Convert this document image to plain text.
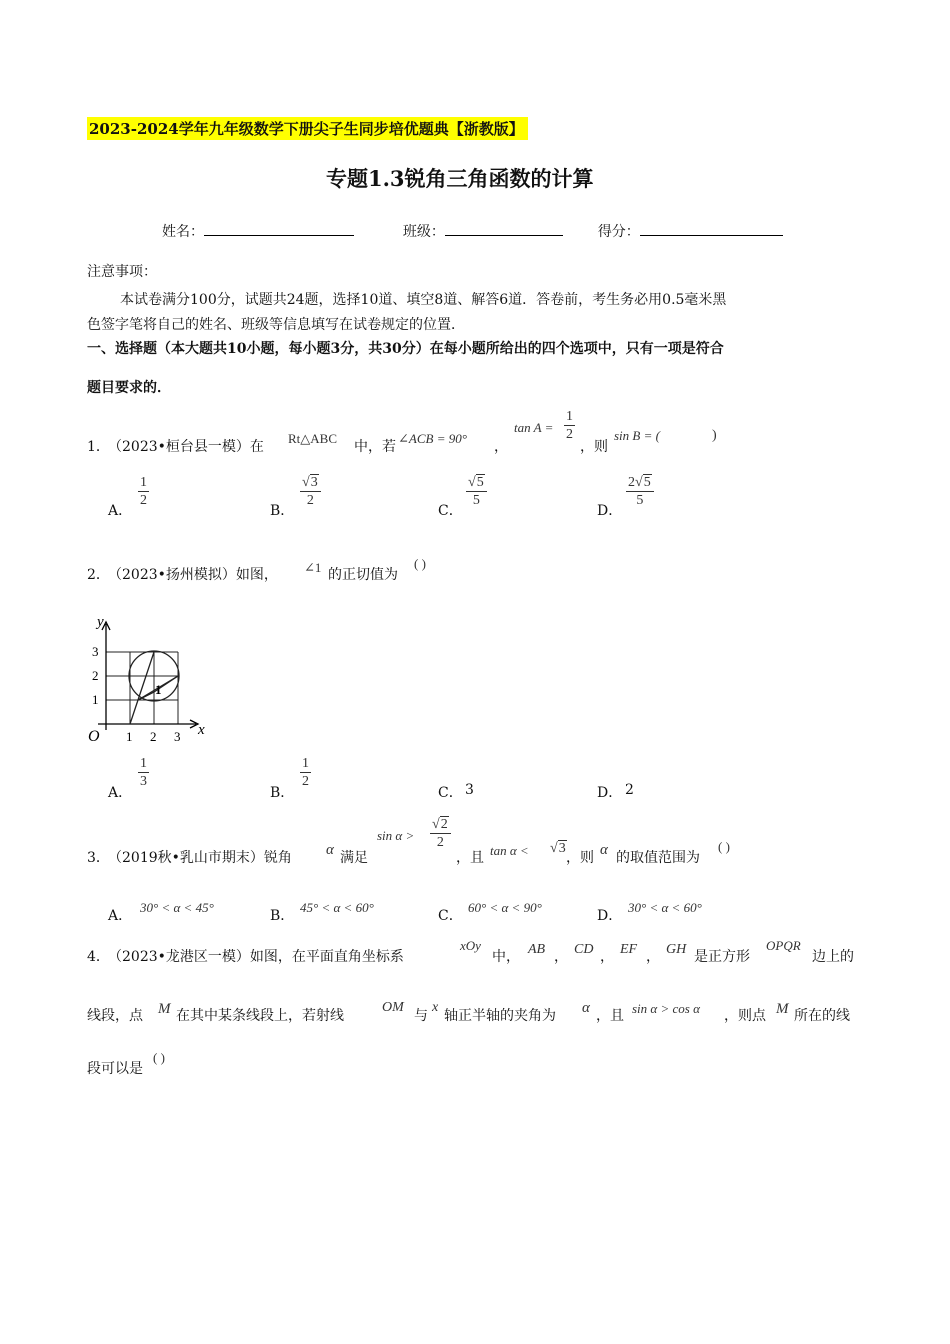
2023-2024学年九年级数学下册尖子生同步培优题典【浙教版】
专题1.3锐角三角函数的计算
姓名：	班级：	得分：
注意事项：
本试卷满分100分，试题共24题，选择10道、填空8道、解答6道．答卷前，考生务必用0.5毫米黑
色签字笔将自己的姓名、班级等信息填写在试卷规定的位置．
一、选择题（本大题共10小题，每小题3分，共30分）在每小题所给出的四个选项中，只有一项是符合
题目要求的．
1．
（2023•桓台县一模）在
Rt△ABC
中，若
∠ACB = 90°
，
$\tan A = \frac{1}{2}$
，则
sin B = (	)
A．
$\frac{1}{2}$
B．
$\frac{√3}{2}$
C．
$\frac{√5}{5}$
D．
$\frac{2√5}{5}$
2．
（2023•扬州模拟）如图， ∠1 的正切值为
( )
y
x
O 1 2 3
1
2
3
1
A．
$\frac{1}{3}$
B．
$\frac{1}{2}$
C． 3	D． 2
3．
（2019秋•乳山市期末）锐角 α 满足
$\sin \alpha > \frac{√2}{2}$
，且 tan α < √3
，则 α 的取值范围为
( )
A．
30° < α < 45°
B．
45° < α < 60°
C．
60° < α < 90°
D．
30° < α < 60°
4．
（2023•龙港区一模）如图，在平面直角坐标系
xOy
中， AB ， CD ， EF ， GH 是正方形
OPQR
边上的
线段，点 M 在其中某条线段上，若射线
OM
与
x
轴正半轴的夹角为 α ，且 sin α > cos α ，则点 M 所在的线
段可以是
( )
